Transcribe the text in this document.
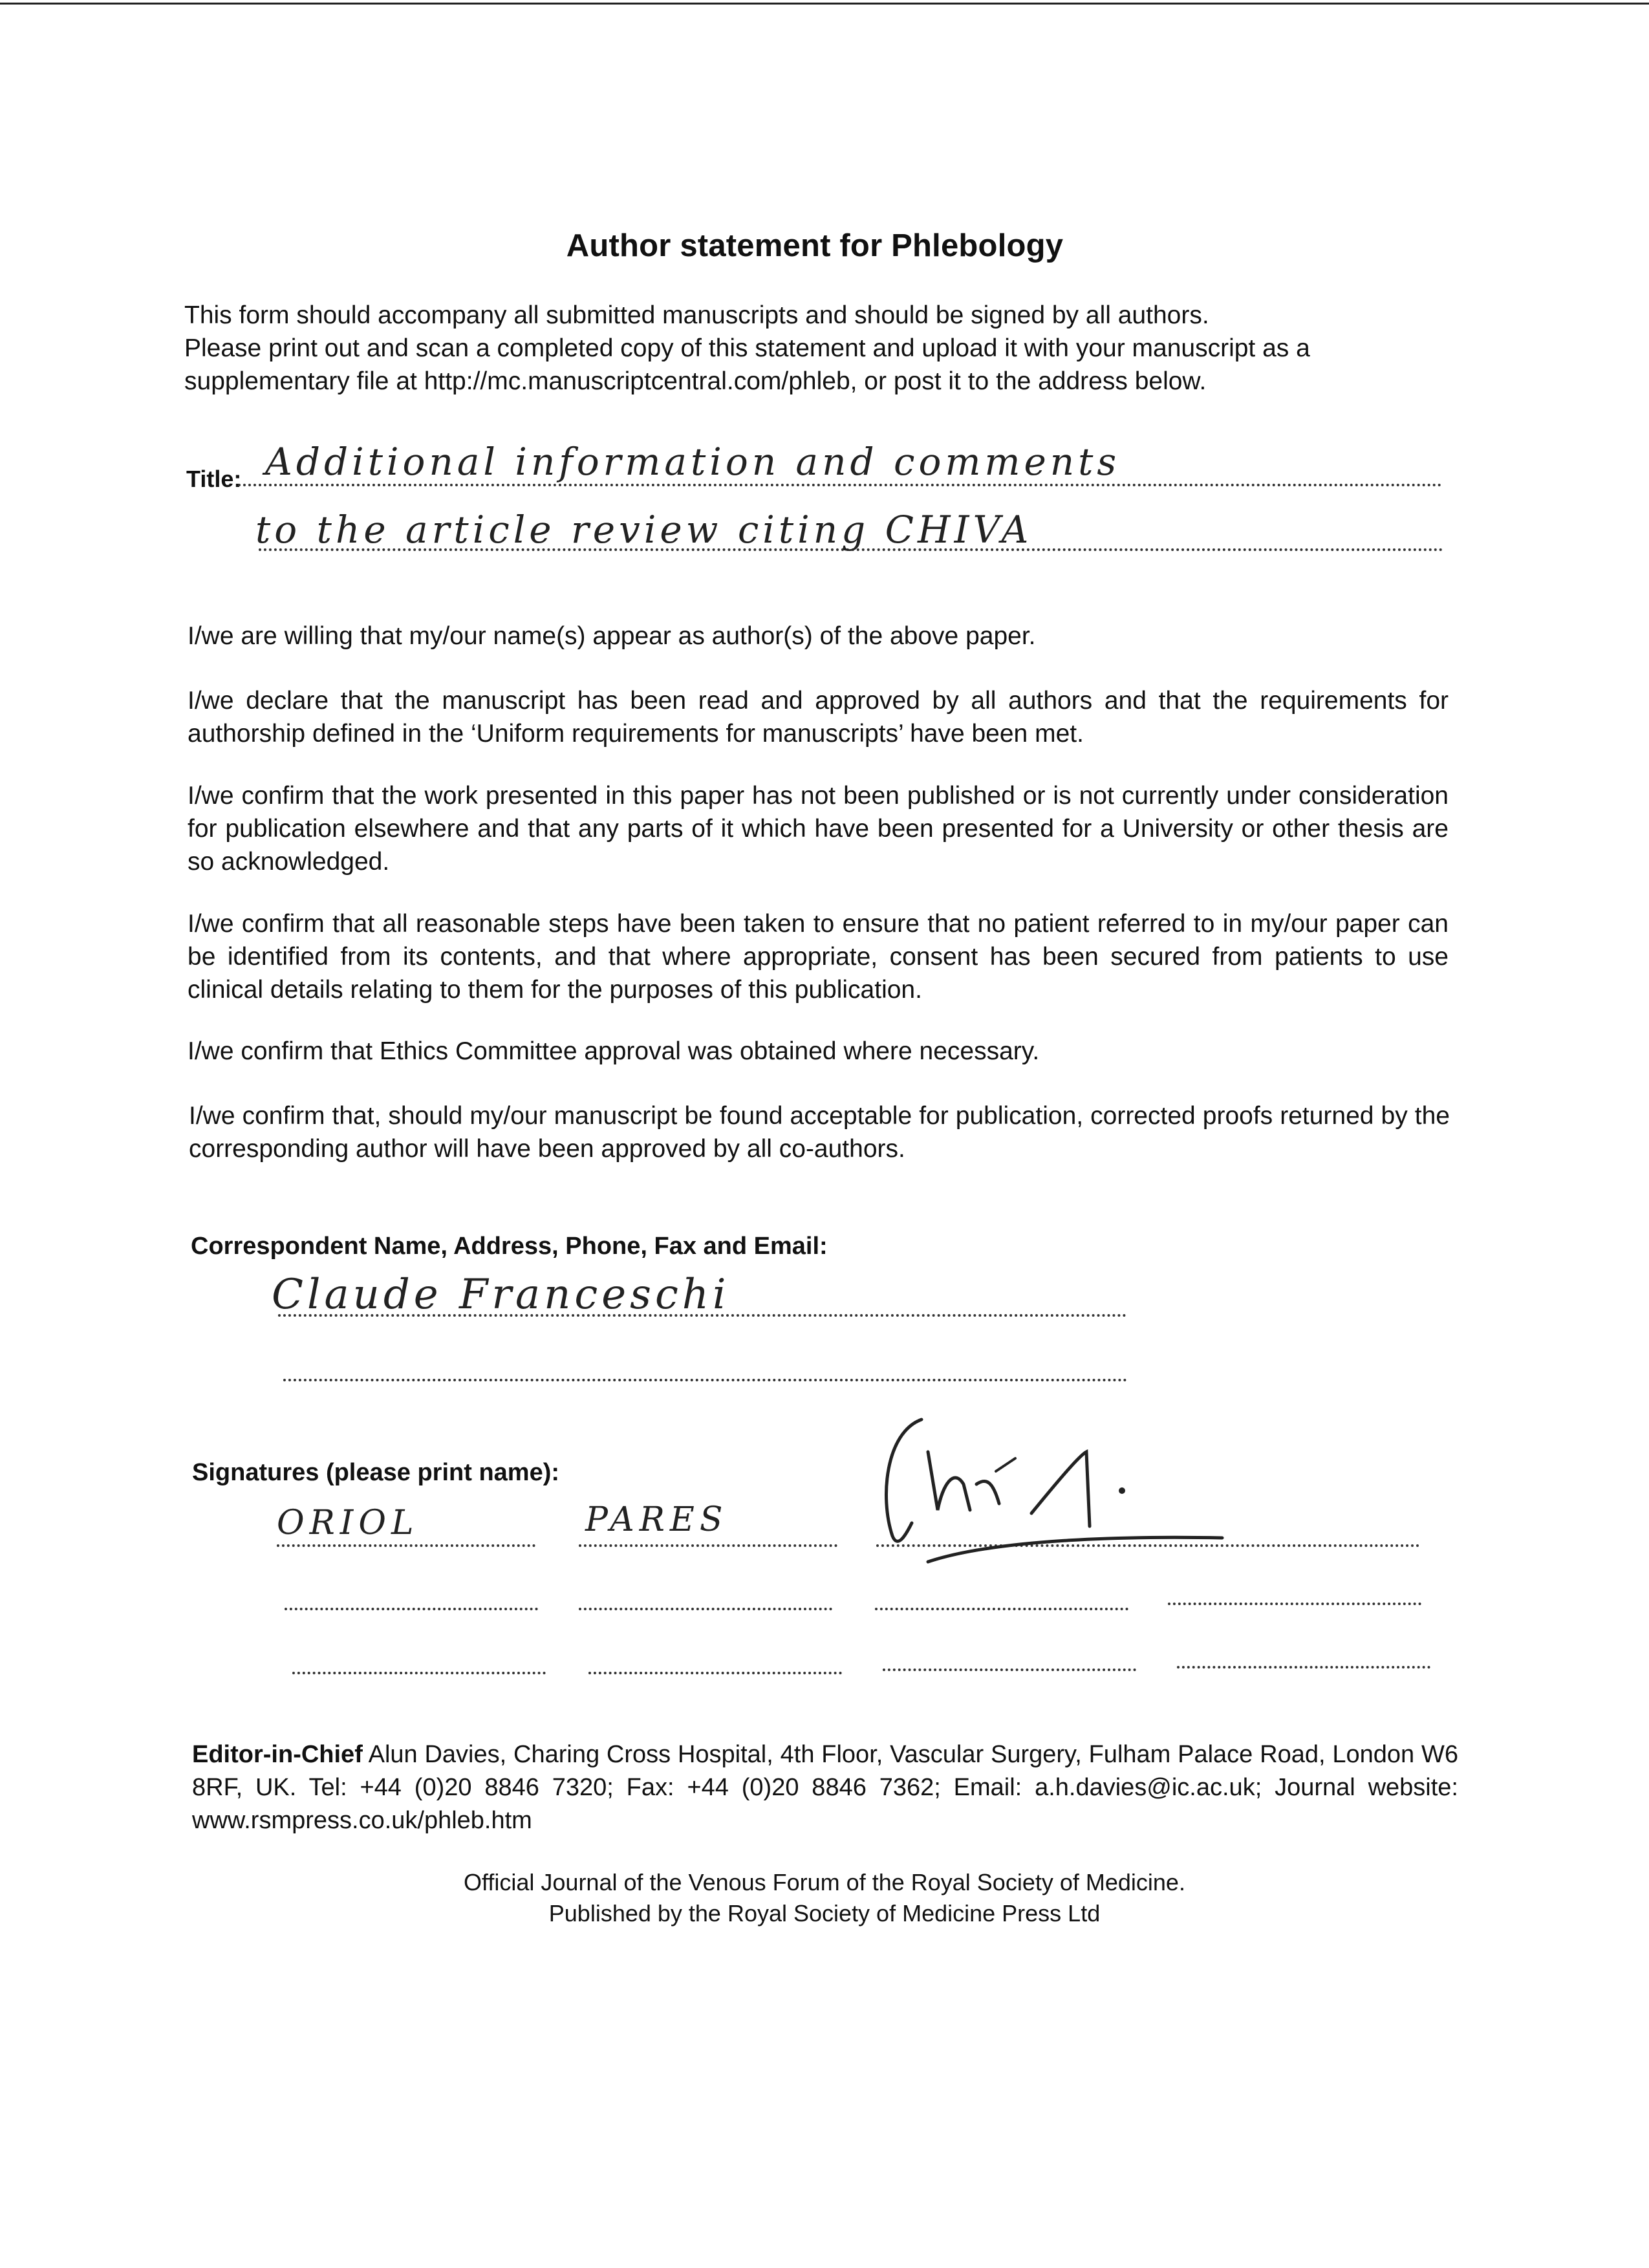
Author statement for Phlebology
This form should accompany all submitted manuscripts and should be signed by all authors.
Please print out and scan a completed copy of this statement and upload it with your manuscript as a supplementary file at http://mc.manuscriptcentral.com/phleb, or post it to the address below.
Title: Additional information and comments
to the article review citing CHIVA
I/we are willing that my/our name(s) appear as author(s) of the above paper.
I/we declare that the manuscript has been read and approved by all authors and that the requirements for authorship defined in the ‘Uniform requirements for manuscripts’ have been met.
I/we confirm that the work presented in this paper has not been published or is not currently under consideration for publication elsewhere and that any parts of it which have been presented for a University or other thesis are so acknowledged.
I/we confirm that all reasonable steps have been taken to ensure that no patient referred to in my/our paper can be identified from its contents, and that where appropriate, consent has been secured from patients to use clinical details relating to them for the purposes of this publication.
I/we confirm that Ethics Committee approval was obtained where necessary.
I/we confirm that, should my/our manuscript be found acceptable for publication, corrected proofs returned by the corresponding author will have been approved by all co-authors.
Correspondent Name, Address, Phone, Fax and Email:
Claude Franceschi
Signatures (please print name):
ORIOL	PARES
Editor-in-Chief Alun Davies, Charing Cross Hospital, 4th Floor, Vascular Surgery, Fulham Palace Road, London W6 8RF, UK. Tel: +44 (0)20 8846 7320; Fax: +44 (0)20 8846 7362; Email: a.h.davies@ic.ac.uk; Journal website: www.rsmpress.co.uk/phleb.htm
Official Journal of the Venous Forum of the Royal Society of Medicine.
Published by the Royal Society of Medicine Press Ltd
